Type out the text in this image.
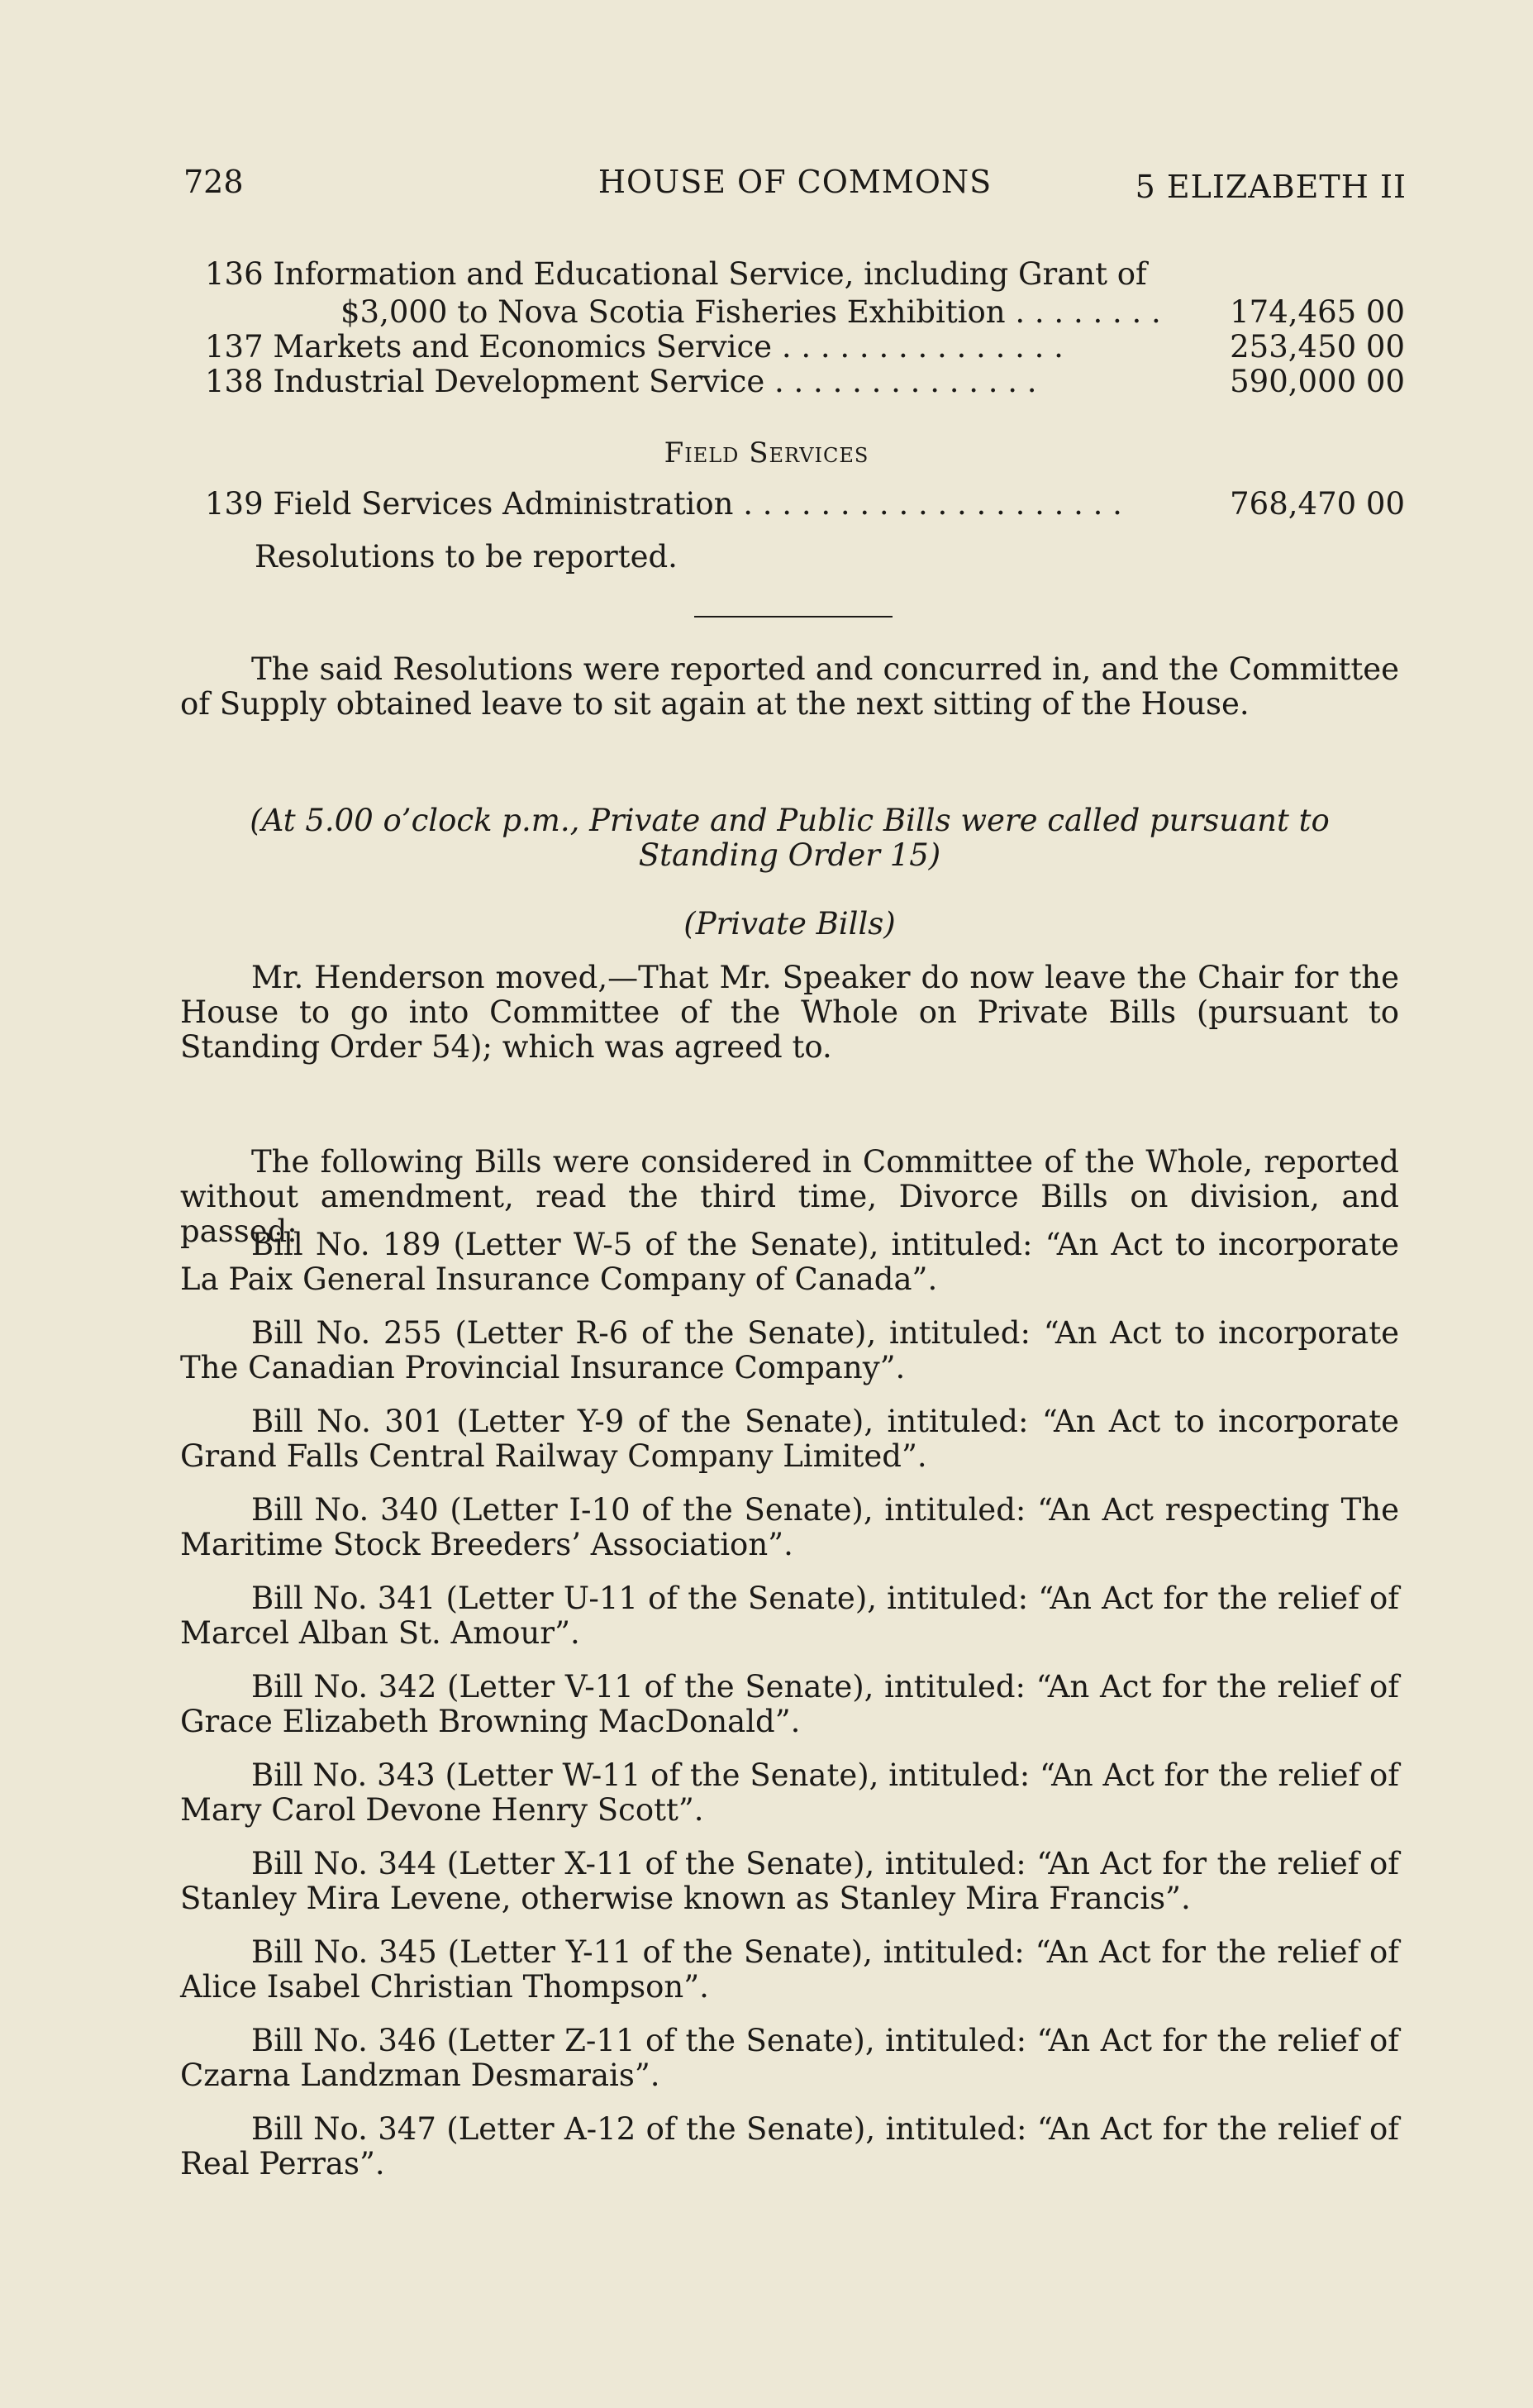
728	HOUSE OF COMMONS	5 ELIZABETH II
136 Information and Educational Service, including Grant of
$3,000 to Nova Scotia Fisheries Exhibition . . . . . . . .	174,465 00
137 Markets and Economics Service . . . . . . . . . . . . . . .	253,450 00
138 Industrial Development Service . . . . . . . . . . . . . .	590,000 00
Field Services
139 Field Services Administration . . . . . . . . . . . . . . . . . . . .	768,470 00
Resolutions to be reported.
The said Resolutions were reported and concurred in, and the Committee of Supply obtained leave to sit again at the next sitting of the House.
(At 5.00 o’clock p.m., Private and Public Bills were called pursuant to
Standing Order 15)
(Private Bills)
Mr. Henderson moved,—That Mr. Speaker do now leave the Chair for the House to go into Committee of the Whole on Private Bills (pursuant to Standing Order 54); which was agreed to.
The following Bills were considered in Committee of the Whole, reported without amendment, read the third time, Divorce Bills on division, and passed:

Bill No. 189 (Letter W-5 of the Senate), intituled: “An Act to incorporate La Paix General Insurance Company of Canada”.

Bill No. 255 (Letter R-6 of the Senate), intituled: “An Act to incorporate The Canadian Provincial Insurance Company”.

Bill No. 301 (Letter Y-9 of the Senate), intituled: “An Act to incorporate Grand Falls Central Railway Company Limited”.

Bill No. 340 (Letter I-10 of the Senate), intituled: “An Act respecting The Maritime Stock Breeders’ Association”.

Bill No. 341 (Letter U-11 of the Senate), intituled: “An Act for the relief of Marcel Alban St. Amour”.

Bill No. 342 (Letter V-11 of the Senate), intituled: “An Act for the relief of Grace Elizabeth Browning MacDonald”.

Bill No. 343 (Letter W-11 of the Senate), intituled: “An Act for the relief of Mary Carol Devone Henry Scott”.

Bill No. 344 (Letter X-11 of the Senate), intituled: “An Act for the relief of Stanley Mira Levene, otherwise known as Stanley Mira Francis”.

Bill No. 345 (Letter Y-11 of the Senate), intituled: “An Act for the relief of Alice Isabel Christian Thompson”.

Bill No. 346 (Letter Z-11 of the Senate), intituled: “An Act for the relief of Czarna Landzman Desmarais”.

Bill No. 347 (Letter A-12 of the Senate), intituled: “An Act for the relief of Real Perras”.
